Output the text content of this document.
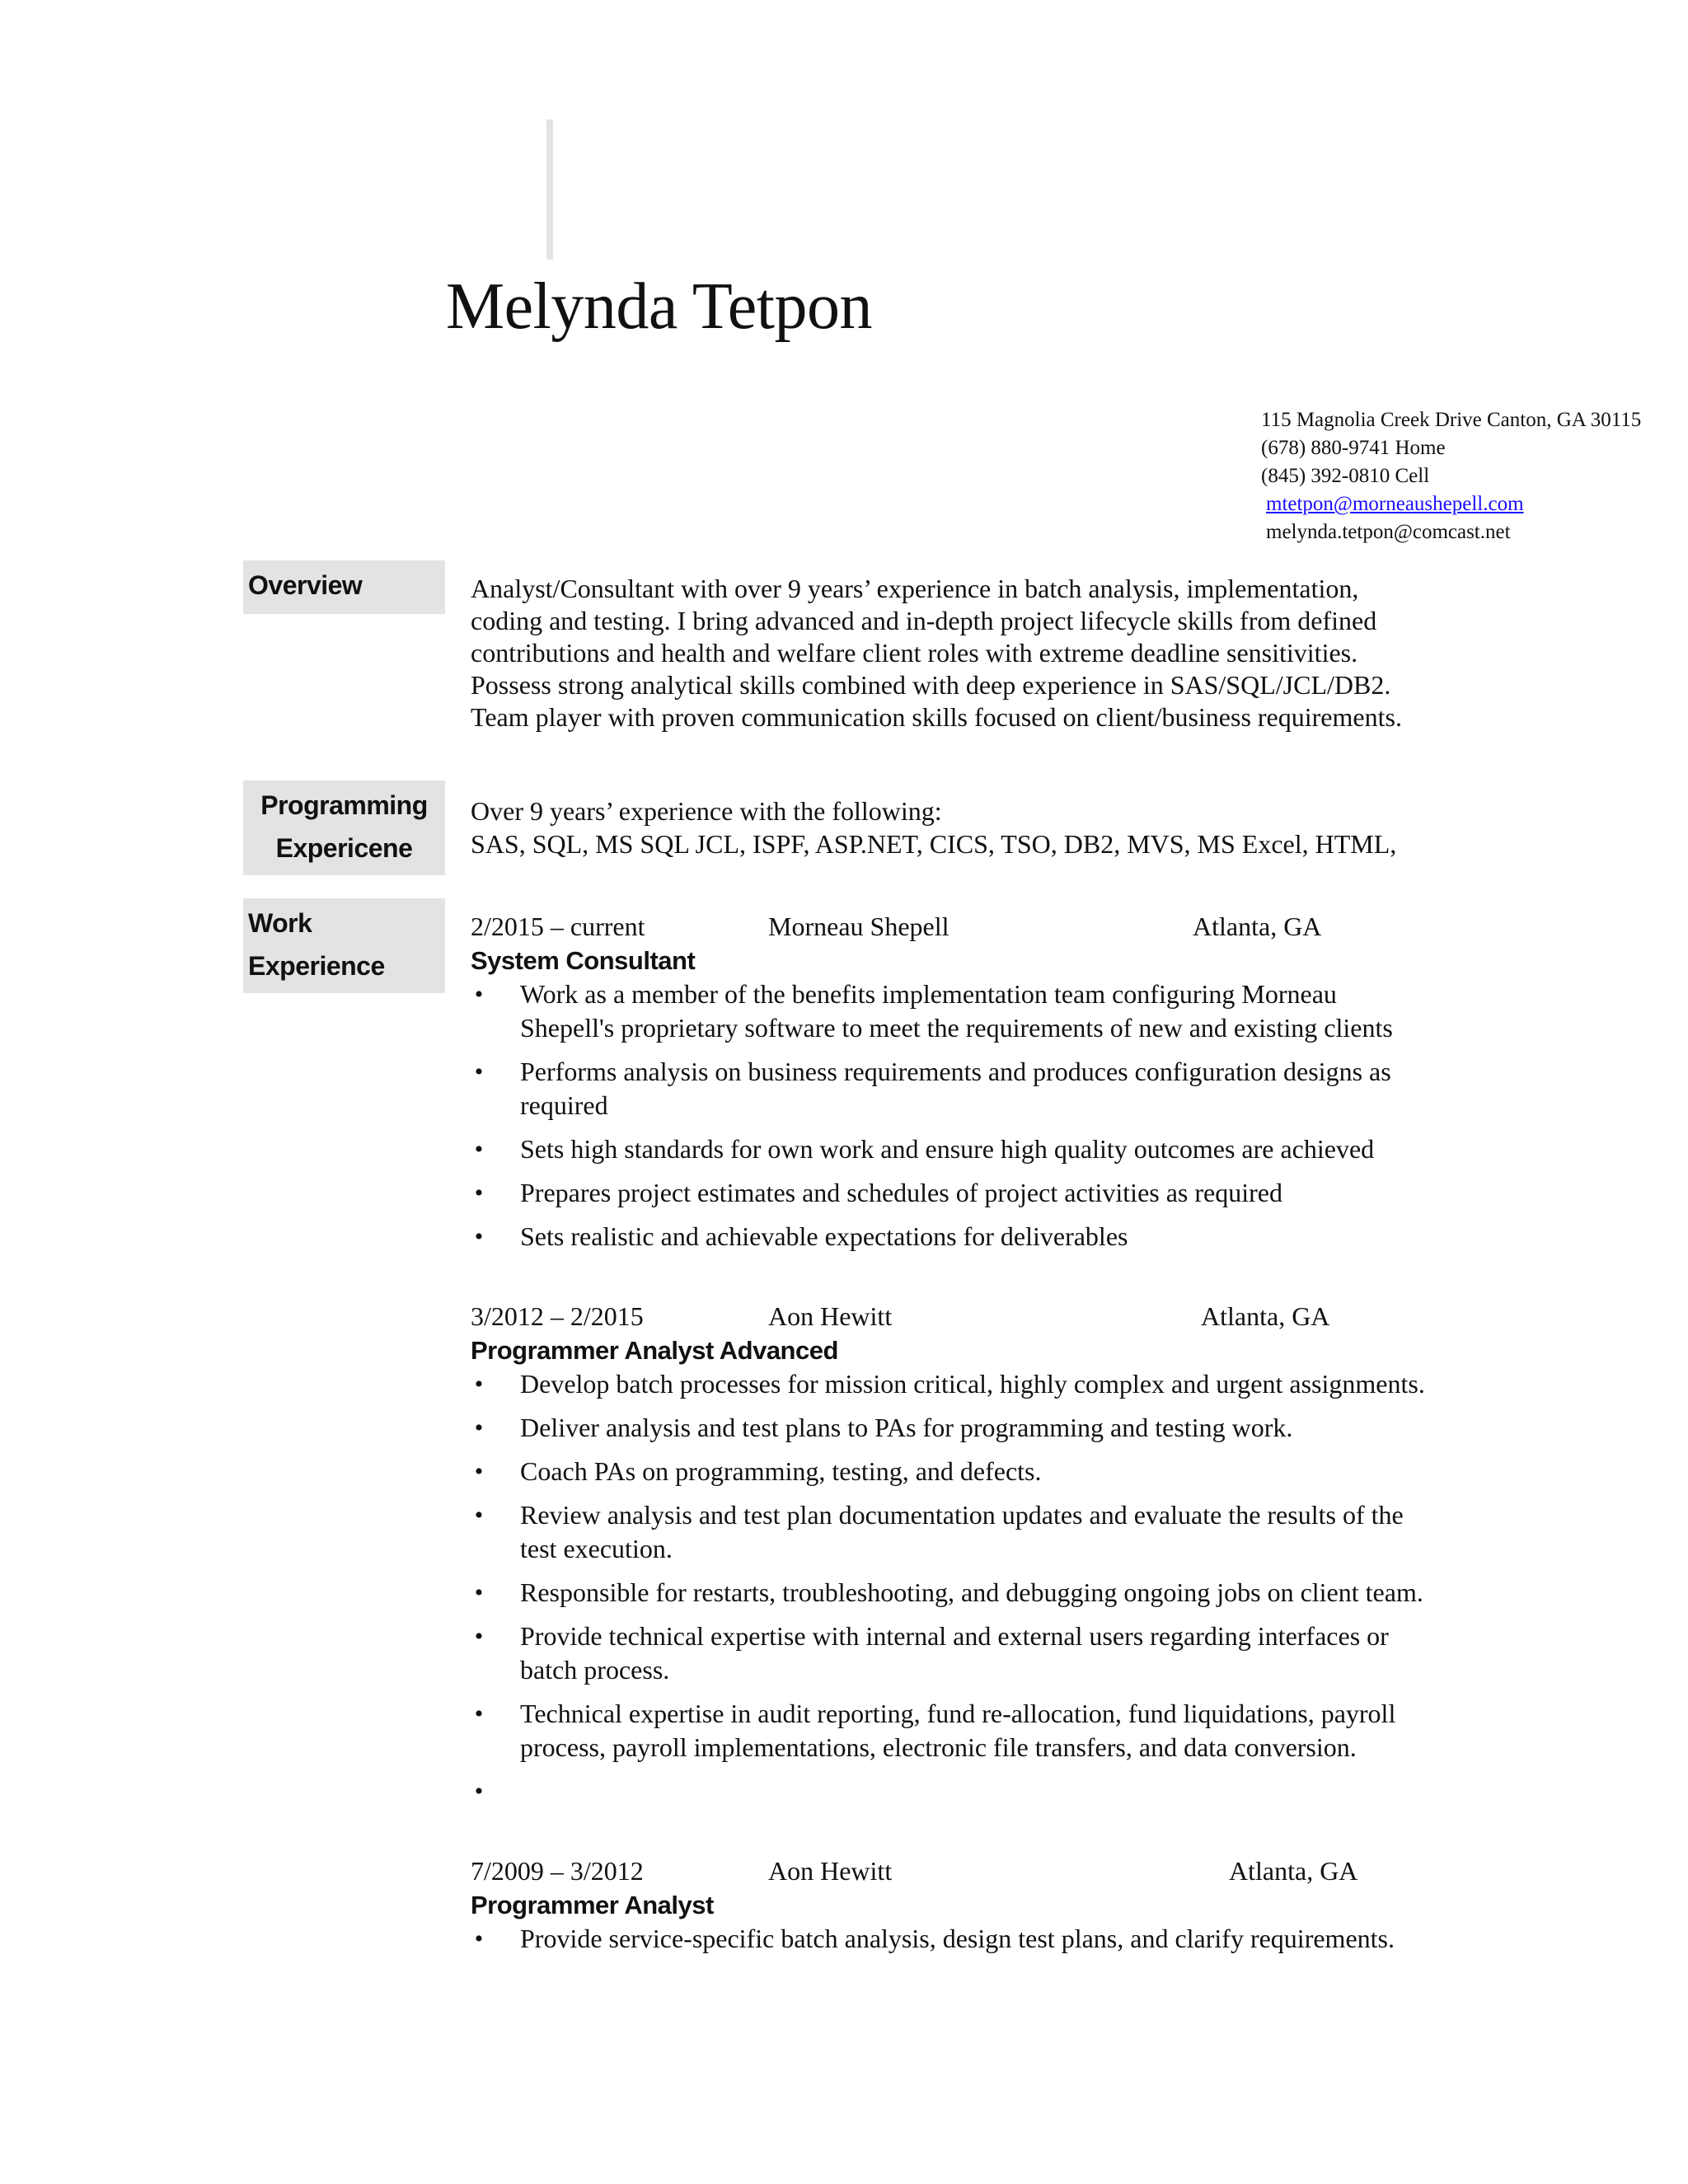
Melynda Tetpon
115 Magnolia Creek Drive Canton, GA 30115
(678) 880-9741 Home
(845) 392-0810 Cell
mtetpon@morneaushepell.com
melynda.tetpon@comcast.net
Overview	Analyst/Consultant with over 9 years’ experience in batch analysis, implementation,
coding and testing. I bring advanced and in-depth project lifecycle skills from defined
contributions and health and welfare client roles with extreme deadline sensitivities.
Possess strong analytical skills combined with deep experience in SAS/SQL/JCL/DB2.
Team player with proven communication skills focused on client/business requirements.
Programming
Expericene
Over 9 years’ experience with the following:
SAS, SQL, MS SQL JCL, ISPF, ASP.NET, CICS, TSO, DB2, MVS, MS Excel, HTML,
Work
Experience
2/2015 – current	Morneau Shepell	Atlanta, GA
System Consultant
• Work as a member of the benefits implementation team configuring Morneau
Shepell's proprietary software to meet the requirements of new and existing clients
• Performs analysis on business requirements and produces configuration designs as
required
• Sets high standards for own work and ensure high quality outcomes are achieved
• Prepares project estimates and schedules of project activities as required
• Sets realistic and achievable expectations for deliverables
3/2012 – 2/2015	Aon Hewitt	Atlanta, GA
Programmer Analyst Advanced
• Develop batch processes for mission critical, highly complex and urgent assignments.
• Deliver analysis and test plans to PAs for programming and testing work.
• Coach PAs on programming, testing, and defects.
• Review analysis and test plan documentation updates and evaluate the results of the
test execution.
• Responsible for restarts, troubleshooting, and debugging ongoing jobs on client team.
• Provide technical expertise with internal and external users regarding interfaces or
batch process.
• Technical expertise in audit reporting, fund re-allocation, fund liquidations, payroll
process, payroll implementations, electronic file transfers, and data conversion.
•
7/2009 – 3/2012	Aon Hewitt	Atlanta, GA
Programmer Analyst
• Provide service-specific batch analysis, design test plans, and clarify requirements.
